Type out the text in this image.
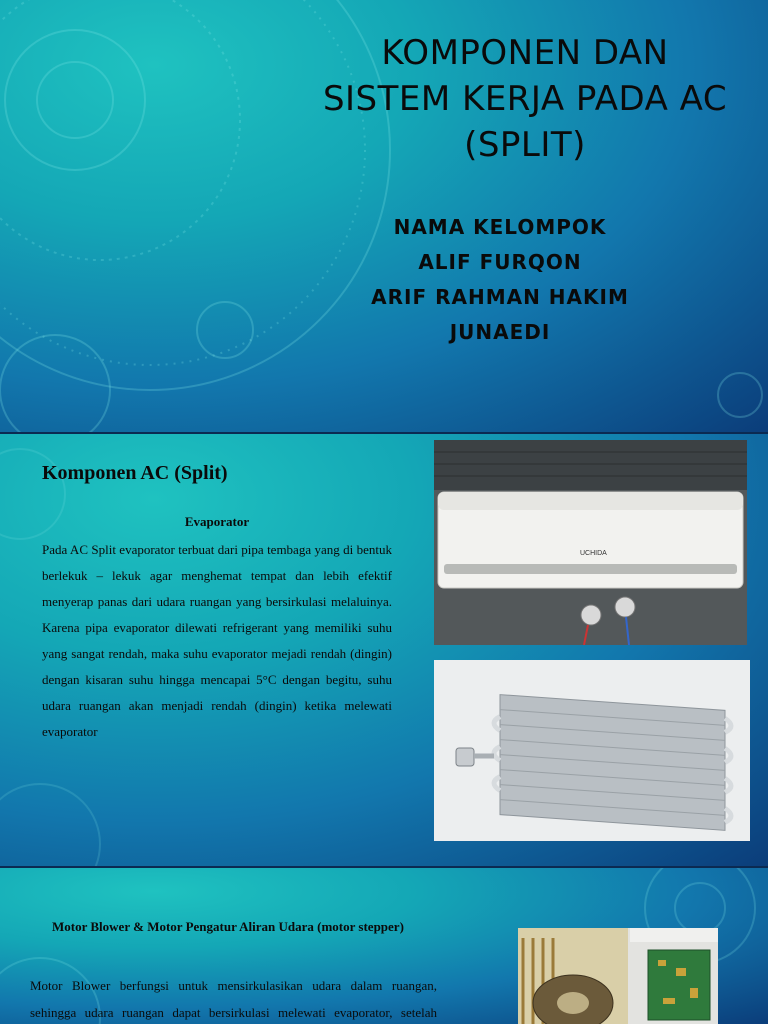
KOMPONEN DAN
SISTEM KERJA PADA AC
(SPLIT)
NAMA KELOMPOK
ALIF FURQON
ARIF RAHMAN HAKIM
JUNAEDI
Komponen AC (Split)
Evaporator

Pada AC Split evaporator terbuat dari pipa tembaga yang di bentuk berlekuk – lekuk agar menghemat tempat dan lebih efektif menyerap panas dari udara ruangan yang bersirkulasi melaluinya. Karena pipa evaporator dilewati refrigerant yang memiliki suhu yang sangat rendah, maka suhu evaporator mejadi rendah (dingin) dengan kisaran suhu hingga mencapai 5°C dengan begitu, suhu udara ruangan akan menjadi rendah (dingin) ketika melewati evaporator

UCHIDA
Motor Blower & Motor Pengatur Aliran Udara (motor stepper)

Motor Blower berfungsi untuk mensirkulasikan udara dalam ruangan, sehingga udara ruangan dapat bersirkulasi melewati evaporator, setelah
